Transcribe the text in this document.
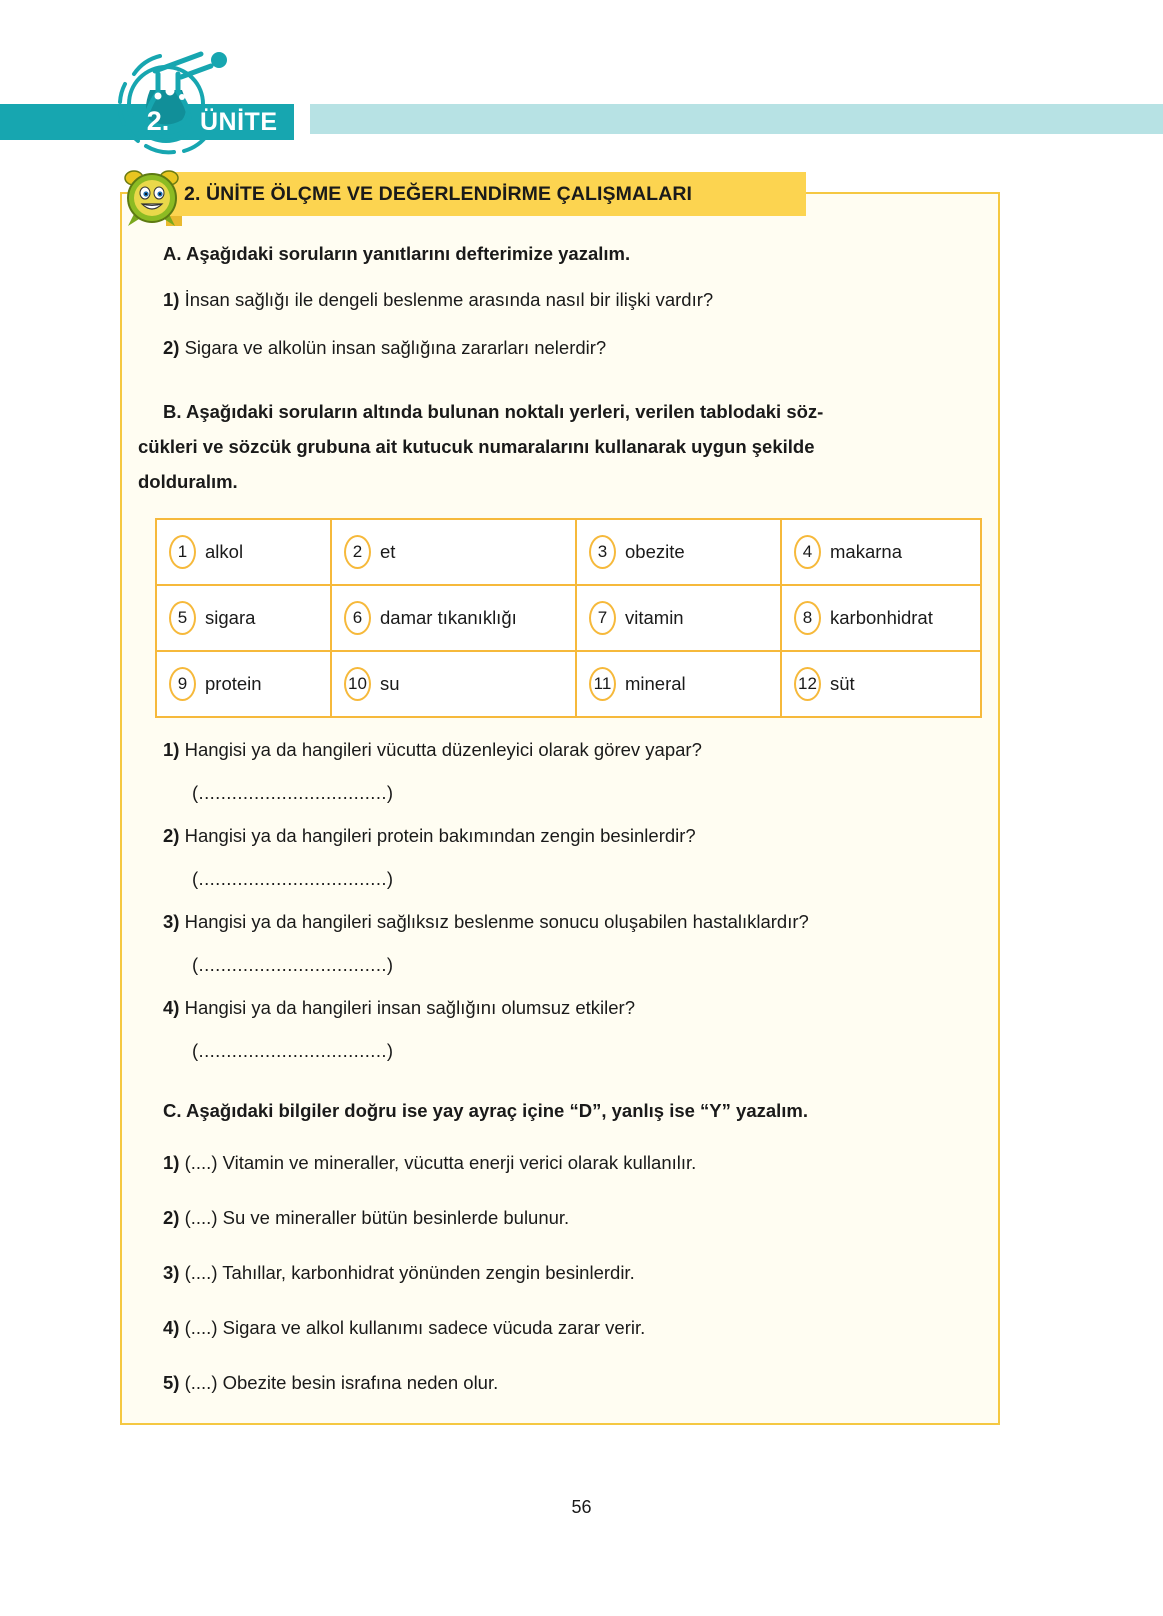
2.	ÜNİTE
2. ÜNİTE ÖLÇME VE DEĞERLENDİRME ÇALIŞMALARI
A. Aşağıdaki soruların yanıtlarını defterimize yazalım.
1) İnsan sağlığı ile dengeli beslenme arasında nasıl bir ilişki vardır?
2) Sigara ve alkolün insan sağlığına zararları nelerdir?
B. Aşağıdaki soruların altında bulunan noktalı yerleri, verilen tablodaki söz-
cükleri ve sözcük grubuna ait kutucuk numaralarını kullanarak uygun şekilde
dolduralım.
1 alkol	2 et	3 obezite	4 makarna

5 sigara	6 damar tıkanıklığı	7 vitamin	8 karbonhidrat

9 protein	10 su	11 mineral	12 süt
1) Hangisi ya da hangileri vücutta düzenleyici olarak görev yapar?
(..................................)
2) Hangisi ya da hangileri protein bakımından zengin besinlerdir?
(..................................)
3) Hangisi ya da hangileri sağlıksız beslenme sonucu oluşabilen hastalıklardır?
(..................................)
4) Hangisi ya da hangileri insan sağlığını olumsuz etkiler?
(..................................)
C. Aşağıdaki bilgiler doğru ise yay ayraç içine “D”, yanlış ise “Y” yazalım.
1) (....) Vitamin ve mineraller, vücutta enerji verici olarak kullanılır.
2) (....) Su ve mineraller bütün besinlerde bulunur.
3) (....) Tahıllar, karbonhidrat yönünden zengin besinlerdir.
4) (....) Sigara ve alkol kullanımı sadece vücuda zarar verir.
5) (....) Obezite besin israfına neden olur.
56
